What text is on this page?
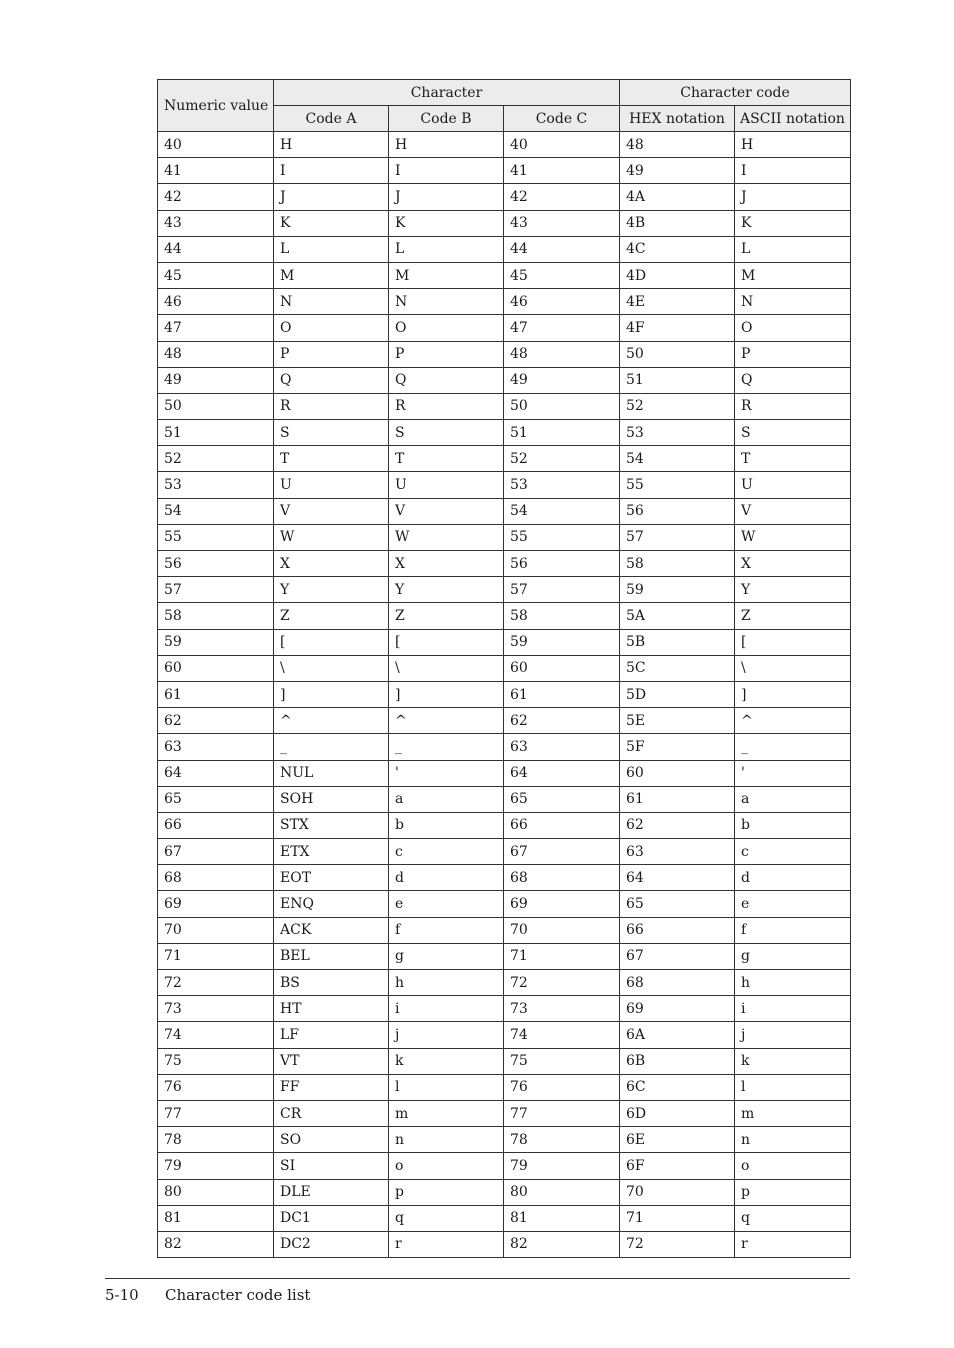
Numeric value	Character			Character code	
	Code A	Code B	Code C	HEX notation	ASCII notation
40	H	H	40	48	H
41	I	I	41	49	I
42	J	J	42	4A	J
43	K	K	43	4B	K
44	L	L	44	4C	L
45	M	M	45	4D	M
46	N	N	46	4E	N
47	O	O	47	4F	O
48	P	P	48	50	P
49	Q	Q	49	51	Q
50	R	R	50	52	R
51	S	S	51	53	S
52	T	T	52	54	T
53	U	U	53	55	U
54	V	V	54	56	V
55	W	W	55	57	W
56	X	X	56	58	X
57	Y	Y	57	59	Y
58	Z	Z	58	5A	Z
59	[	[	59	5B	[
60	\	\	60	5C	\
61	]	]	61	5D	]
62	^	^	62	5E	^
63	_	_	63	5F	_
64	NUL	'	64	60	'
65	SOH	a	65	61	a
66	STX	b	66	62	b
67	ETX	c	67	63	c
68	EOT	d	68	64	d
69	ENQ	e	69	65	e
70	ACK	f	70	66	f
71	BEL	g	71	67	g
72	BS	h	72	68	h
73	HT	i	73	69	i
74	LF	j	74	6A	j
75	VT	k	75	6B	k
76	FF	l	76	6C	l
77	CR	m	77	6D	m
78	SO	n	78	6E	n
79	SI	o	79	6F	o
80	DLE	p	80	70	p
81	DC1	q	81	71	q
82	DC2	r	82	72	r
5-10 Character code list
